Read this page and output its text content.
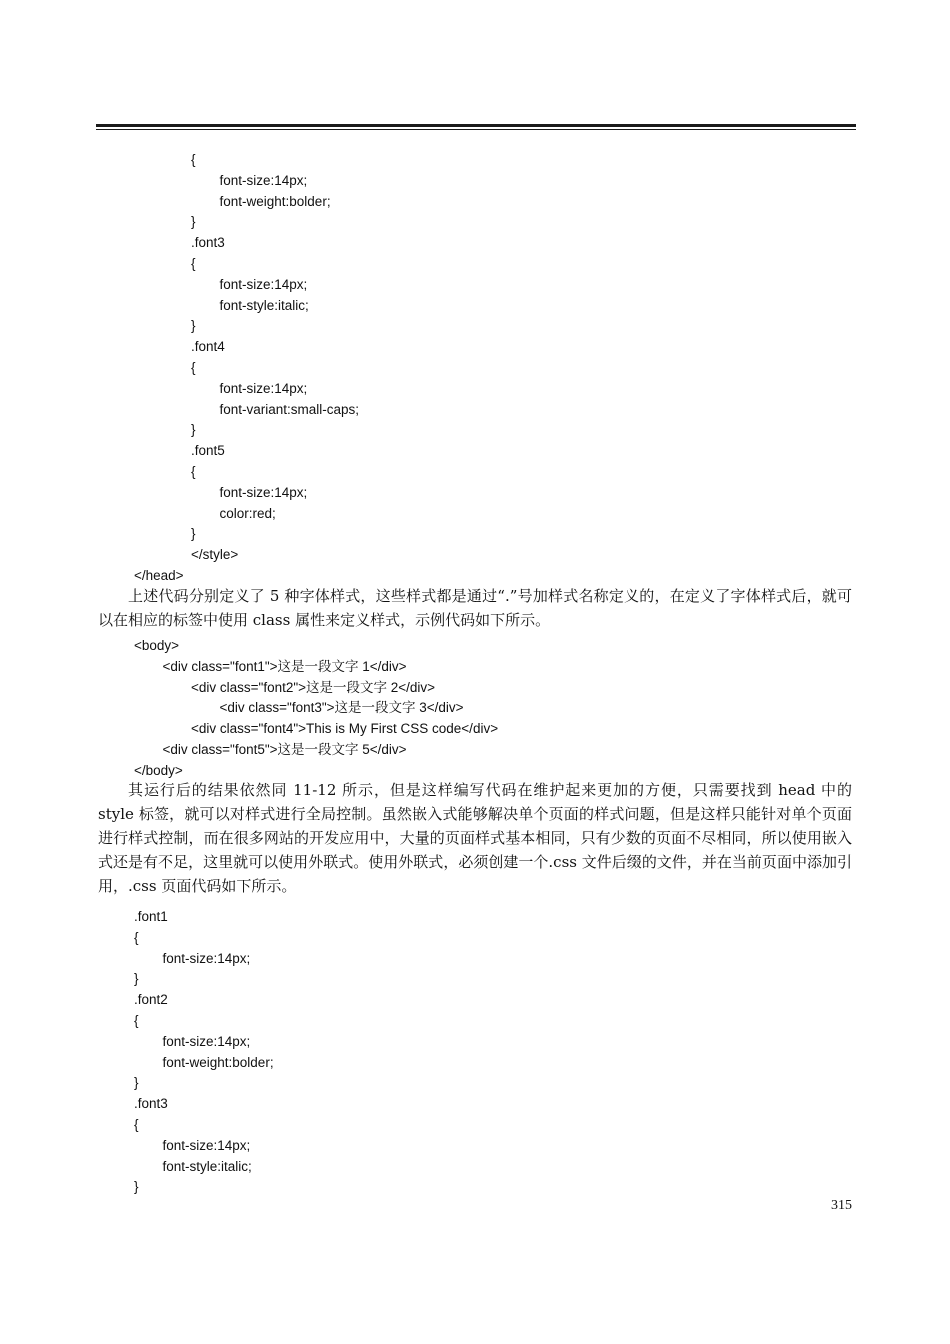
{
font-size:14px;
font-weight:bolder;
}
.font3
{
font-size:14px;
font-style:italic;
}
.font4
{
font-size:14px;
font-variant:small-caps;
}
.font5
{
font-size:14px;
color:red;
}
</style>
</head>

上述代码分别定义了 5 种字体样式，这些样式都是通过“.”号加样式名称定义的，在定义了字体样式后，就可以在相应的标签中使用 class 属性来定义样式，示例代码如下所示。

<body>
<div class="font1">这是一段文字 1</div>
<div class="font2">这是一段文字 2</div>
<div class="font3">这是一段文字 3</div>
<div class="font4">This is My First CSS code</div>
<div class="font5">这是一段文字 5</div>
</body>

其运行后的结果依然同 11-12 所示，但是这样编写代码在维护起来更加的方便，只需要找到 head 中的 style 标签，就可以对样式进行全局控制。虽然嵌入式能够解决单个页面的样式问题，但是这样只能针对单个页面进行样式控制，而在很多网站的开发应用中，大量的页面样式基本相同，只有少数的页面不尽相同，所以使用嵌入式还是有不足，这里就可以使用外联式。使用外联式，必须创建一个.css 文件后缀的文件，并在当前页面中添加引用，.css 页面代码如下所示。

.font1
{
font-size:14px;
}
.font2
{
font-size:14px;
font-weight:bolder;
}
.font3
{
font-size:14px;
font-style:italic;
}
315
